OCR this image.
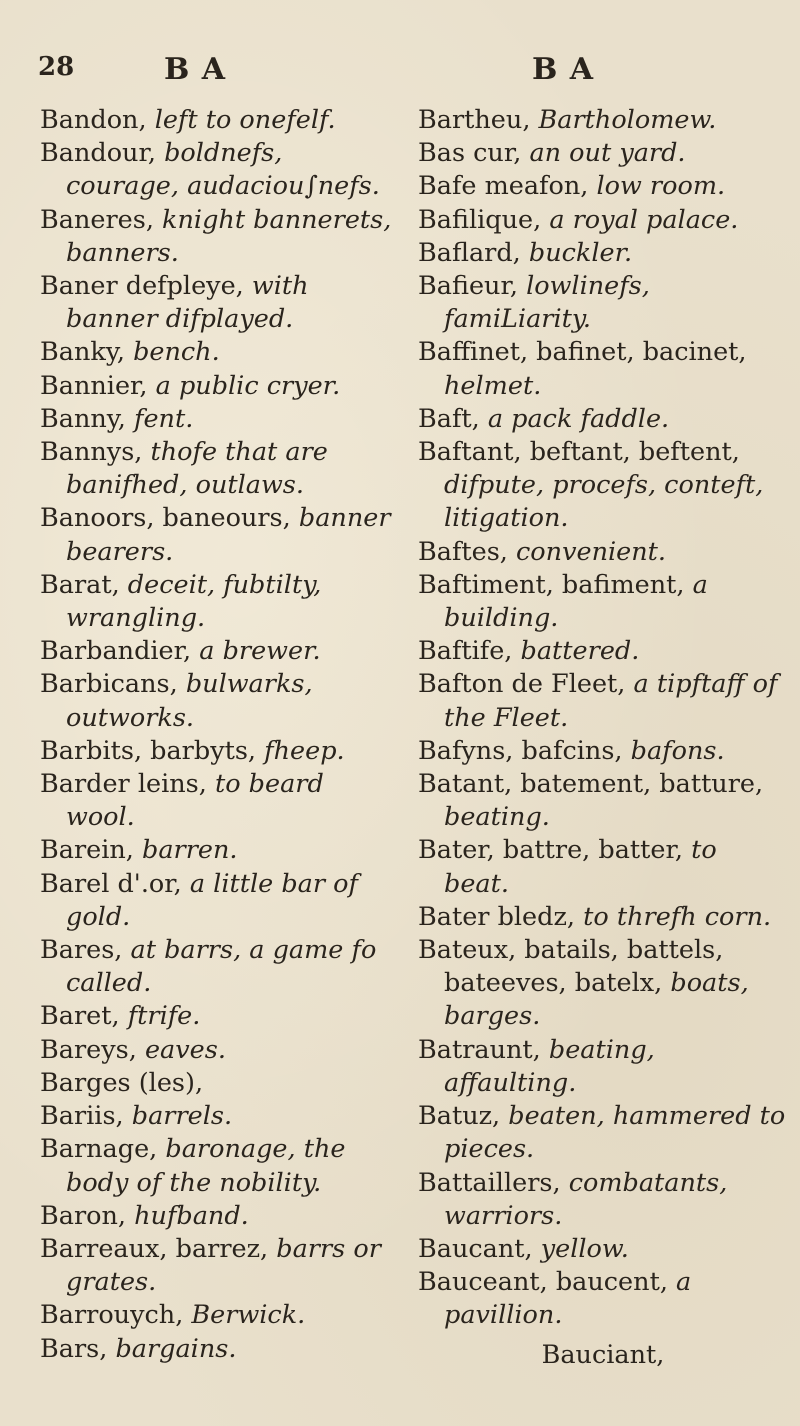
28	B A	B A
Bandon, left to onefelf.
Bandour, boldnefs, courage, audaciou∫nefs.
Baneres, knight bannerets, banners.
Baner defpleye, with banner difplayed.
Banky, bench.
Bannier, a public cryer.
Banny, fent.
Bannys, thofe that are banifhed, outlaws.
Banoors, baneours, banner bearers.
Barat, deceit, fubtilty, wrangling.
Barbandier, a brewer.
Barbicans, bulwarks, outworks.
Barbits, barbyts, fheep.
Barder leins, to beard wool.
Barein, barren.
Barel d'.or, a little bar of gold.
Bares, at barrs, a game fo called.
Baret, ftrife.
Bareys, eaves.
Barges (les),
Bariis, barrels.
Barnage, baronage, the body of the nobility.
Baron, hufband.
Barreaux, barrez, barrs or grates.
Barrouych, Berwick.
Bars, bargains.
Bartheu, Bartholomew.
Bas cur, an out yard.
Bafe meafon, low room.
Bafilique, a royal palace.
Baflard, buckler.
Bafieur, lowlinefs, famiLiarity.
Baffinet, bafinet, bacinet, helmet.
Baft, a pack faddle.
Baftant, beftant, beftent, difpute, procefs, conteft, litigation.
Baftes, convenient.
Baftiment, bafiment, a building.
Baftife, battered.
Bafton de Fleet, a tipftaff of the Fleet.
Bafyns, bafcins, bafons.
Batant, batement, batture, beating.
Bater, battre, batter, to beat.
Bater bledz, to threfh corn.
Bateux, batails, battels, bateeves, batelx, boats, barges.
Batraunt, beating, affaulting.
Batuz, beaten, hammered to pieces.
Battaillers, combatants, warriors.
Baucant, yellow.
Bauceant, baucent, a pavillion.
Bauciant,
